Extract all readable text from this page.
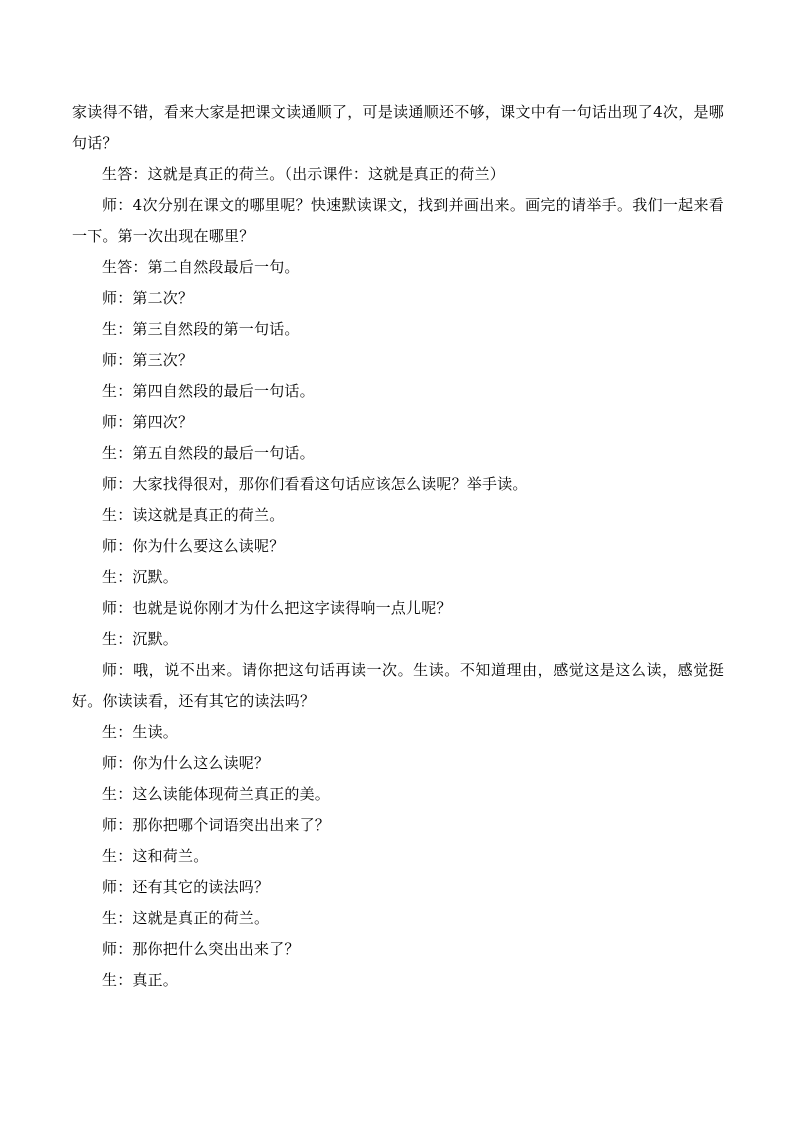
家读得不错，看来大家是把课文读通顺了，可是读通顺还不够，课文中有一句话出现了4次，是哪句话？

生答：这就是真正的荷兰。（出示课件：这就是真正的荷兰）

师：4次分别在课文的哪里呢？快速默读课文，找到并画出来。画完的请举手。我们一起来看一下。第一次出现在哪里？

生答：第二自然段最后一句。

师：第二次？

生：第三自然段的第一句话。

师：第三次？

生：第四自然段的最后一句话。

师：第四次？

生：第五自然段的最后一句话。

师：大家找得很对，那你们看看这句话应该怎么读呢？举手读。

生：读这就是真正的荷兰。

师：你为什么要这么读呢？

生：沉默。

师：也就是说你刚才为什么把这字读得响一点儿呢？

生：沉默。

师：哦，说不出来。请你把这句话再读一次。生读。不知道理由，感觉这是这么读，感觉挺好。你读读看，还有其它的读法吗？

生：生读。

师：你为什么这么读呢？

生：这么读能体现荷兰真正的美。

师：那你把哪个词语突出出来了？

生：这和荷兰。

师：还有其它的读法吗？

生：这就是真正的荷兰。

师：那你把什么突出出来了？

生：真正。
